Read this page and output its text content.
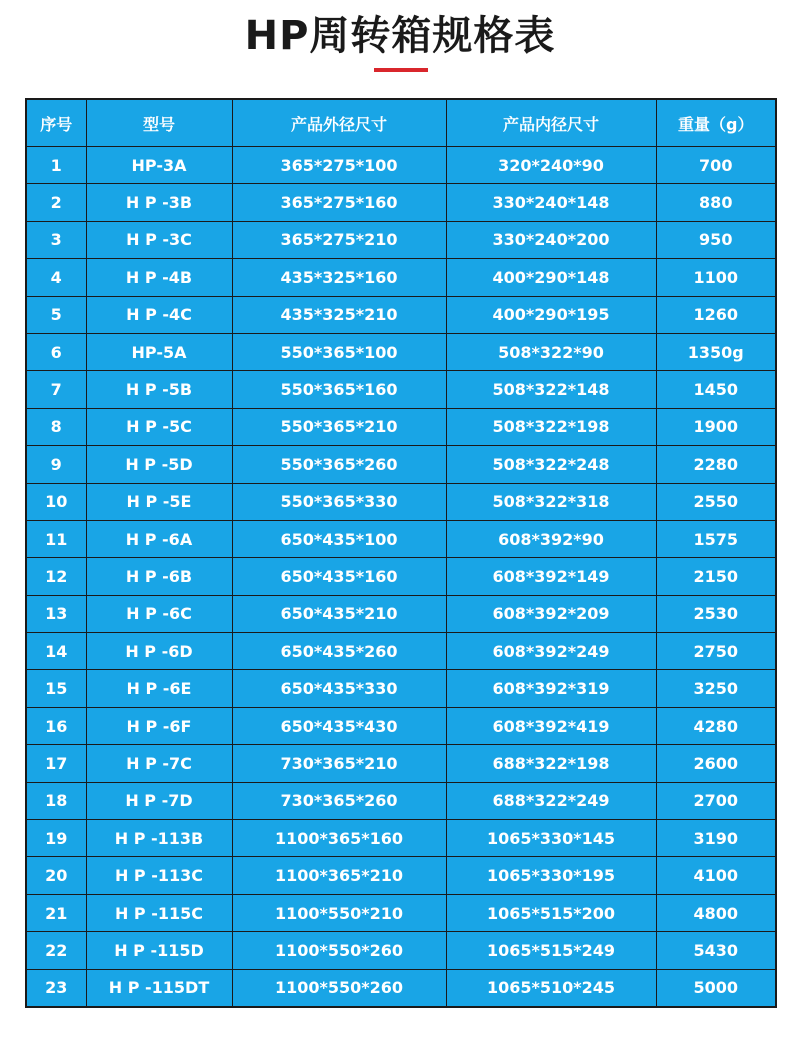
HP周转箱规格表
序号	型号	产品外径尺寸	产品内径尺寸	重量（g）
1	HP-3A	365*275*100	320*240*90	700
2	H P -3B	365*275*160	330*240*148	880
3	H P -3C	365*275*210	330*240*200	950
4	H P -4B	435*325*160	400*290*148	1100
5	H P -4C	435*325*210	400*290*195	1260
6	HP-5A	550*365*100	508*322*90	1350g
7	H P -5B	550*365*160	508*322*148	1450
8	H P -5C	550*365*210	508*322*198	1900
9	H P -5D	550*365*260	508*322*248	2280
10	H P -5E	550*365*330	508*322*318	2550
11	H P -6A	650*435*100	608*392*90	1575
12	H P -6B	650*435*160	608*392*149	2150
13	H P -6C	650*435*210	608*392*209	2530
14	H P -6D	650*435*260	608*392*249	2750
15	H P -6E	650*435*330	608*392*319	3250
16	H P -6F	650*435*430	608*392*419	4280
17	H P -7C	730*365*210	688*322*198	2600
18	H P -7D	730*365*260	688*322*249	2700
19	H P -113B	1100*365*160	1065*330*145	3190
20	H P -113C	1100*365*210	1065*330*195	4100
21	H P -115C	1100*550*210	1065*515*200	4800
22	H P -115D	1100*550*260	1065*515*249	5430
23	H P -115DT	1100*550*260	1065*510*245	5000
